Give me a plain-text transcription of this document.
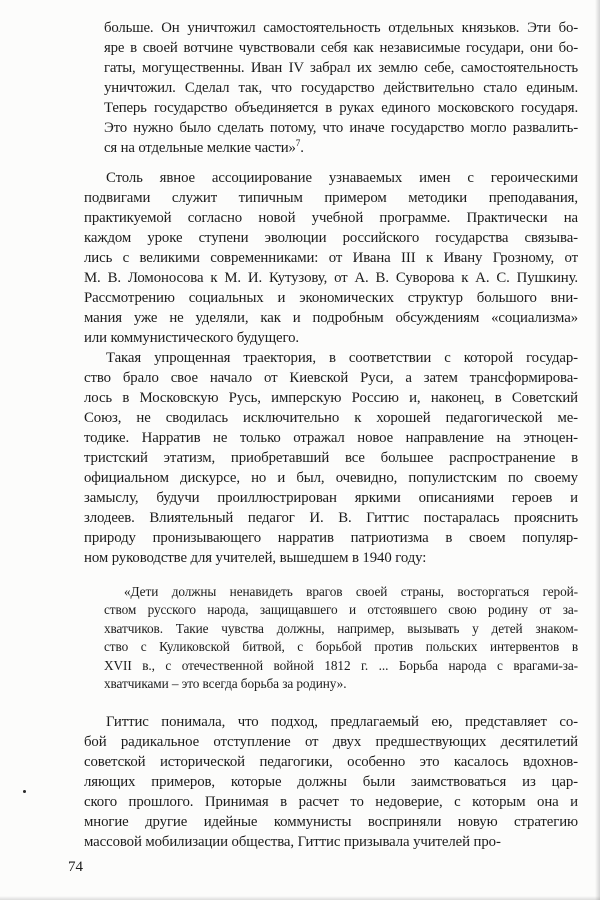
больше. Он уничтожил самостоятельность отдельных князьков. Эти бо-
яре в своей вотчине чувствовали себя как независимые государи, они бо-
гаты, могущественны. Иван IV забрал их землю себе, самостоятельность
уничтожил. Сделал так, что государство действительно стало единым.
Теперь государство объединяется в руках единого московского государя.
Это нужно было сделать потому, что иначе государство могло развалить-
ся на отдельные мелкие части»$^7$.
Столь явное ассоциирование узнаваемых имен с героическими
подвигами служит типичным примером методики преподавания,
практикуемой согласно новой учебной программе. Практически на
каждом уроке ступени эволюции российского государства связыва-
лись с великими современниками: от Ивана III к Ивану Грозному, от
М. В. Ломоносова к М. И. Кутузову, от А. В. Суворова к А. С. Пушкину.
Рассмотрению социальных и экономических структур большого вни-
мания уже не уделяли, как и подробным обсуждениям «социализма»
или коммунистического будущего.
Такая упрощенная траектория, в соответствии с которой государ-
ство брало свое начало от Киевской Руси, а затем трансформирова-
лось в Московскую Русь, имперскую Россию и, наконец, в Советский
Союз, не сводилась исключительно к хорошей педагогической ме-
тодике. Нарратив не только отражал новое направление на этноцен-
тристский этатизм, приобретавший все большее распространение в
официальном дискурсе, но и был, очевидно, популистским по своему
замыслу, будучи проиллюстрирован яркими описаниями героев и
злодеев. Влиятельный педагог И. В. Гиттис постаралась прояснить
природу пронизывающего нарратив патриотизма в своем популяр-
ном руководстве для учителей, вышедшем в 1940 году:
«Дети должны ненавидеть врагов своей страны, восторгаться герой-
ством русского народа, защищавшего и отстоявшего свою родину от за-
хватчиков. Такие чувства должны, например, вызывать у детей знаком-
ство с Куликовской битвой, с борьбой против польских интервентов в
XVII в., с отечественной войной 1812 г. ... Борьба народа с врагами-за-
хватчиками – это всегда борьба за родину».
Гиттис понимала, что подход, предлагаемый ею, представляет со-
бой радикальное отступление от двух предшествующих десятилетий
советской исторической педагогики, особенно это касалось вдохнов-
ляющих примеров, которые должны были заимствоваться из цар-
ского прошлого. Принимая в расчет то недоверие, с которым она и
многие другие идейные коммунисты восприняли новую стратегию
массовой мобилизации общества, Гиттис призывала учителей про-
74
